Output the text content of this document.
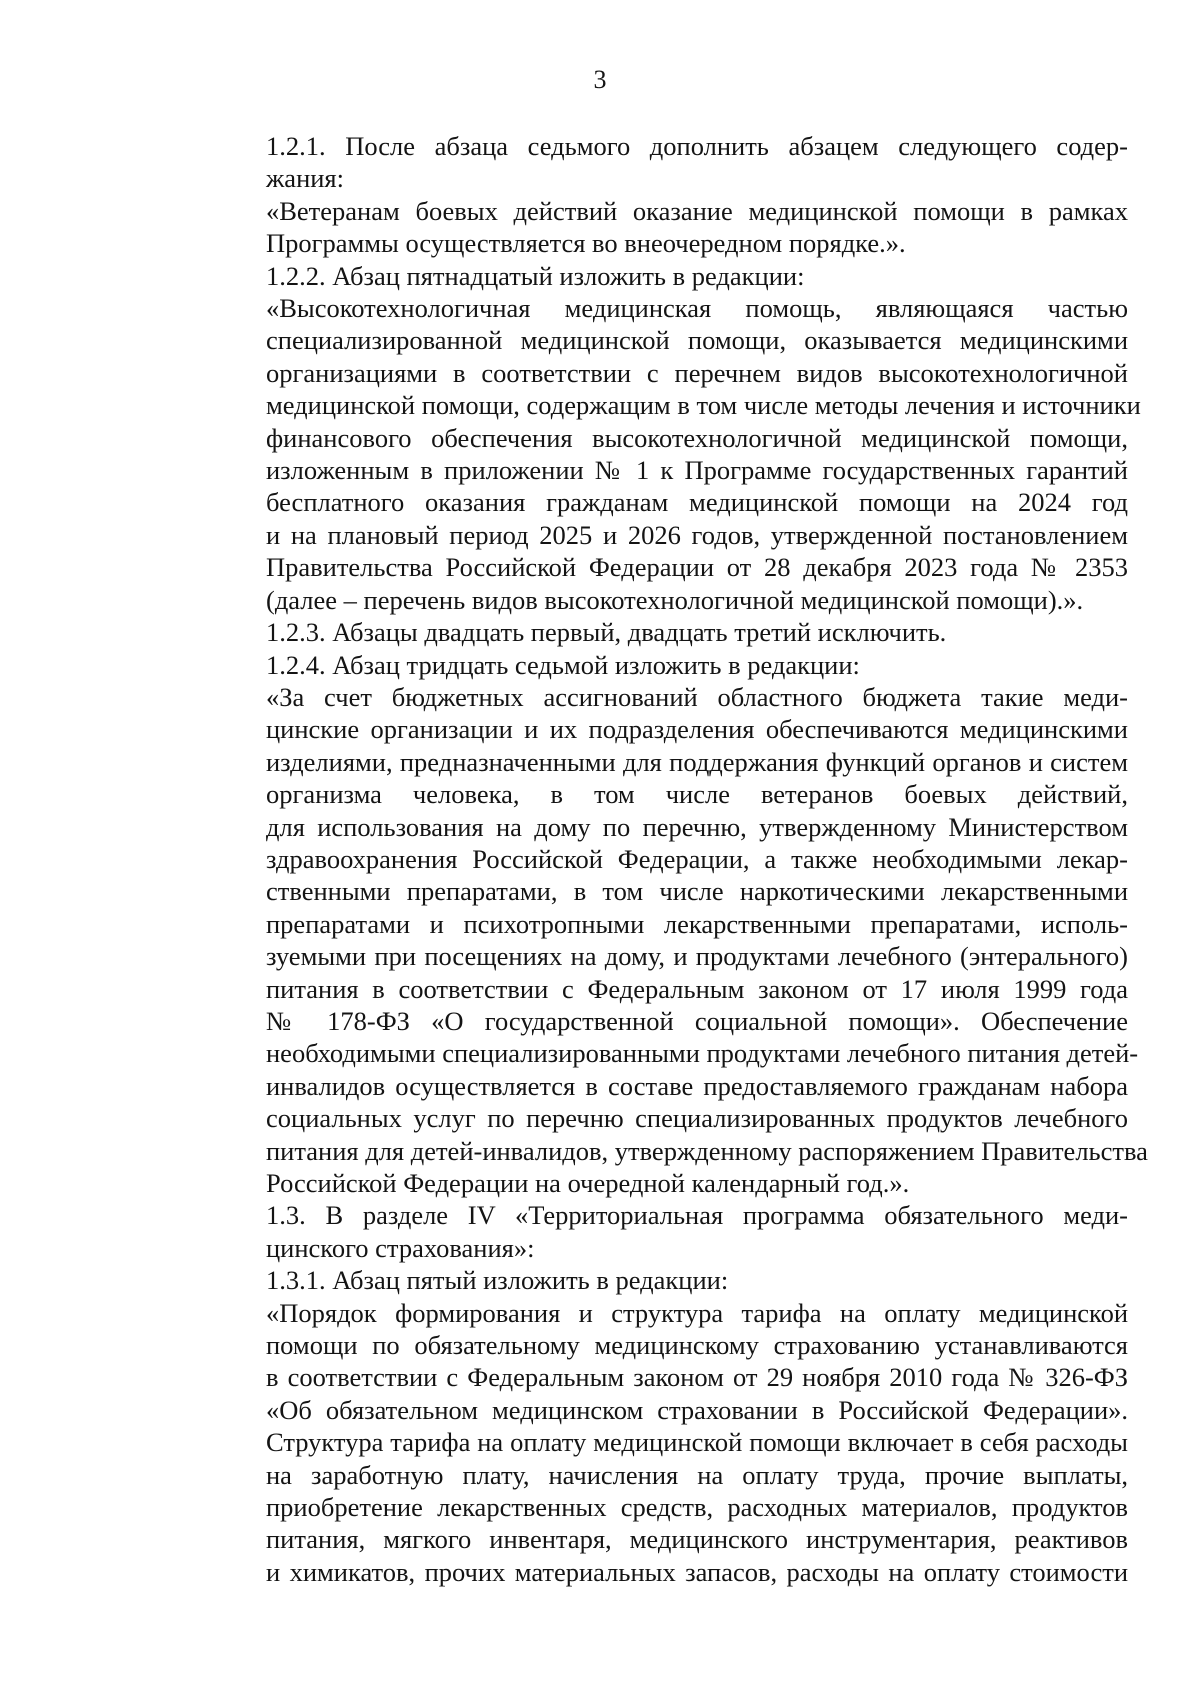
3

1.2.1. После абзаца седьмого дополнить абзацем следующего содер-
жания:

«Ветеранам боевых действий оказание медицинской помощи в рамках
Программы осуществляется во внеочередном порядке.».

1.2.2. Абзац пятнадцатый изложить в редакции:

«Высокотехнологичная медицинская помощь, являющаяся частью
специализированной медицинской помощи, оказывается медицинскими
организациями в соответствии с перечнем видов высокотехнологичной
медицинской помощи, содержащим в том числе методы лечения и источники
финансового обеспечения высокотехнологичной медицинской помощи,
изложенным в приложении № 1 к Программе государственных гарантий
бесплатного оказания гражданам медицинской помощи на 2024 год
и на плановый период 2025 и 2026 годов, утвержденной постановлением
Правительства Российской Федерации от 28 декабря 2023 года № 2353
(далее – перечень видов высокотехнологичной медицинской помощи).».

1.2.3. Абзацы двадцать первый, двадцать третий исключить.

1.2.4. Абзац тридцать седьмой изложить в редакции:

«За счет бюджетных ассигнований областного бюджета такие меди-
цинские организации и их подразделения обеспечиваются медицинскими
изделиями, предназначенными для поддержания функций органов и систем
организма человека, в том числе ветеранов боевых действий,
для использования на дому по перечню, утвержденному Министерством
здравоохранения Российской Федерации, а также необходимыми лекар-
ственными препаратами, в том числе наркотическими лекарственными
препаратами и психотропными лекарственными препаратами, исполь-
зуемыми при посещениях на дому, и продуктами лечебного (энтерального)
питания в соответствии с Федеральным законом от 17 июля 1999 года
№ 178-ФЗ «О государственной социальной помощи». Обеспечение
необходимыми специализированными продуктами лечебного питания детей-
инвалидов осуществляется в составе предоставляемого гражданам набора
социальных услуг по перечню специализированных продуктов лечебного
питания для детей-инвалидов, утвержденному распоряжением Правительства
Российской Федерации на очередной календарный год.».

1.3. В разделе IV «Территориальная программа обязательного меди-
цинского страхования»:

1.3.1. Абзац пятый изложить в редакции:

«Порядок формирования и структура тарифа на оплату медицинской
помощи по обязательному медицинскому страхованию устанавливаются
в соответствии с Федеральным законом от 29 ноября 2010 года № 326-ФЗ
«Об обязательном медицинском страховании в Российской Федерации».
Структура тарифа на оплату медицинской помощи включает в себя расходы
на заработную плату, начисления на оплату труда, прочие выплаты,
приобретение лекарственных средств, расходных материалов, продуктов
питания, мягкого инвентаря, медицинского инструментария, реактивов
и химикатов, прочих материальных запасов, расходы на оплату стоимости
